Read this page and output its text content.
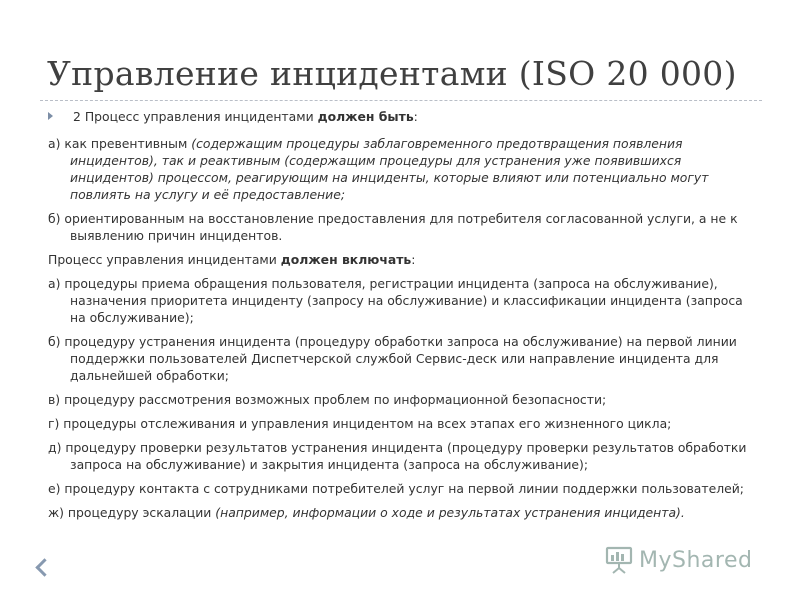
Управление инцидентами (ISO 20 000)
2 Процесс управления инцидентами должен быть:

а) как превентивным (содержащим процедуры заблаговременного предотвращения появления инцидентов), так и реактивным (содержащим процедуры для устранения уже появившихся инцидентов) процессом, реагирующим на инциденты, которые влияют или потенциально могут повлиять на услугу и её предоставление;

б) ориентированным на восстановление предоставления для потребителя согласованной услуги, а не к выявлению причин инцидентов.

Процесс управления инцидентами должен включать:

а) процедуры приема обращения пользователя, регистрации инцидента (запроса на обслуживание), назначения приоритета инциденту (запросу на обслуживание) и классификации инцидента (запроса на обслуживание);

б) процедуру устранения инцидента (процедуру обработки запроса на обслуживание) на первой линии поддержки пользователей Диспетчерской службой Сервис-деск или направление инцидента для дальнейшей обработки;

в) процедуру рассмотрения возможных проблем по информационной безопасности;

г) процедуры отслеживания и управления инцидентом на всех этапах его жизненного цикла;

д) процедуру проверки результатов устранения инцидента (процедуру проверки результатов обработки запроса на обслуживание) и закрытия инцидента (запроса на обслуживание);

е) процедуру контакта с сотрудниками потребителей услуг на первой линии поддержки пользователей;

ж) процедуру эскалации (например, информации о ходе и результатах устранения инцидента).

MyShared
